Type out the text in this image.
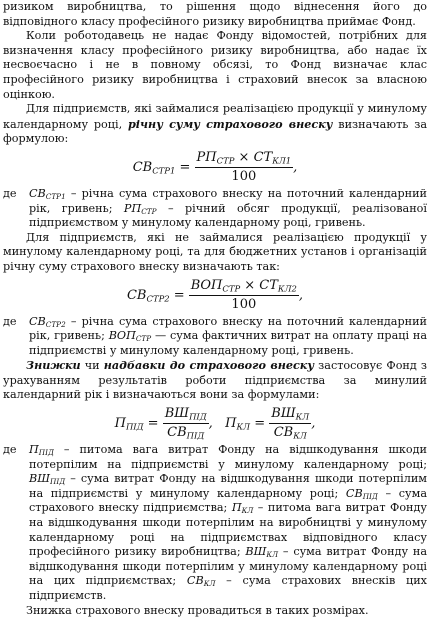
ризиком виробництва, то рішення щодо віднесення його до відповідного класу професійного ризику виробництва приймає Фонд.

Коли роботодавець не надає Фонду відомостей, потрібних для визначення класу професійного ризику виробництва, або надає їх несвоєчасно і не в повному обсязі, то Фонд визначає клас професійного ризику виробництва і страховий внесок за власною оцінкою.

Для підприємств, які займалися реалізацією продукції у минулому календарному році, річну суму страхового внеску визначають за формулою:

$СВ_{СТР1} = \frac{РП_{СТР} \times СТ_{КЛ1}}{100}$ ,
де	$СВ_{СТР1}$ – річна сума страхового внеску на поточний календарний рік, гривень; $РП_{СТР}$ – річний обсяг продукції, реалізованої підприємством у минулому календарному році, гривень.

Для підприємств, які не займалися реалізацією продукції у минулому календарному році, та для бюджетних установ і організацій річну суму страхового внеску визначають так:

$СВ_{СТР2} = \frac{ВОП_{СТР} \times СТ_{КЛ2}}{100}$ ,
де	$СВ_{СТР2}$ – річна сума страхового внеску на поточний календарний рік, гривень; $ВОП_{СТР}$ — сума фактичних витрат на оплату праці на підприємстві у минулому календарному році, гривень.

Знижки чи надбавки до страхового внеску застосовує Фонд з урахуванням результатів роботи підприємства за минулий календарний рік і визначаються вони за формулами:

$П_{ПІД} = \frac{ВШ_{ПІД}}{СВ_{ПІД}}$ ,   $П_{КЛ} = \frac{ВШ_{КЛ}}{СВ_{КЛ}}$ ,
де	$П_{ПІД}$ – питома вага витрат Фонду на відшкодування шкоди потерпілим на підприємстві у минулому календарному році; $ВШ_{ПІД}$ – сума витрат Фонду на відшкодування шкоди потерпілим на підприємстві у минулому календарному році; $СВ_{ПІД}$ – сума страхового внеску підприємства; $П_{КЛ}$ – питома вага витрат Фонду на відшкодування шкоди потерпілим на виробництві у минулому календарному році на підприємствах відповідного класу професійного ризику виробництва; $ВШ_{КЛ}$ – сума витрат Фонду на відшкодування шкоди потерпілим у минулому календарному році на цих підприємствах; $СВ_{КЛ}$ – сума страхових внесків цих підприємств.

Знижка страхового внеску провадиться в таких розмірах.
